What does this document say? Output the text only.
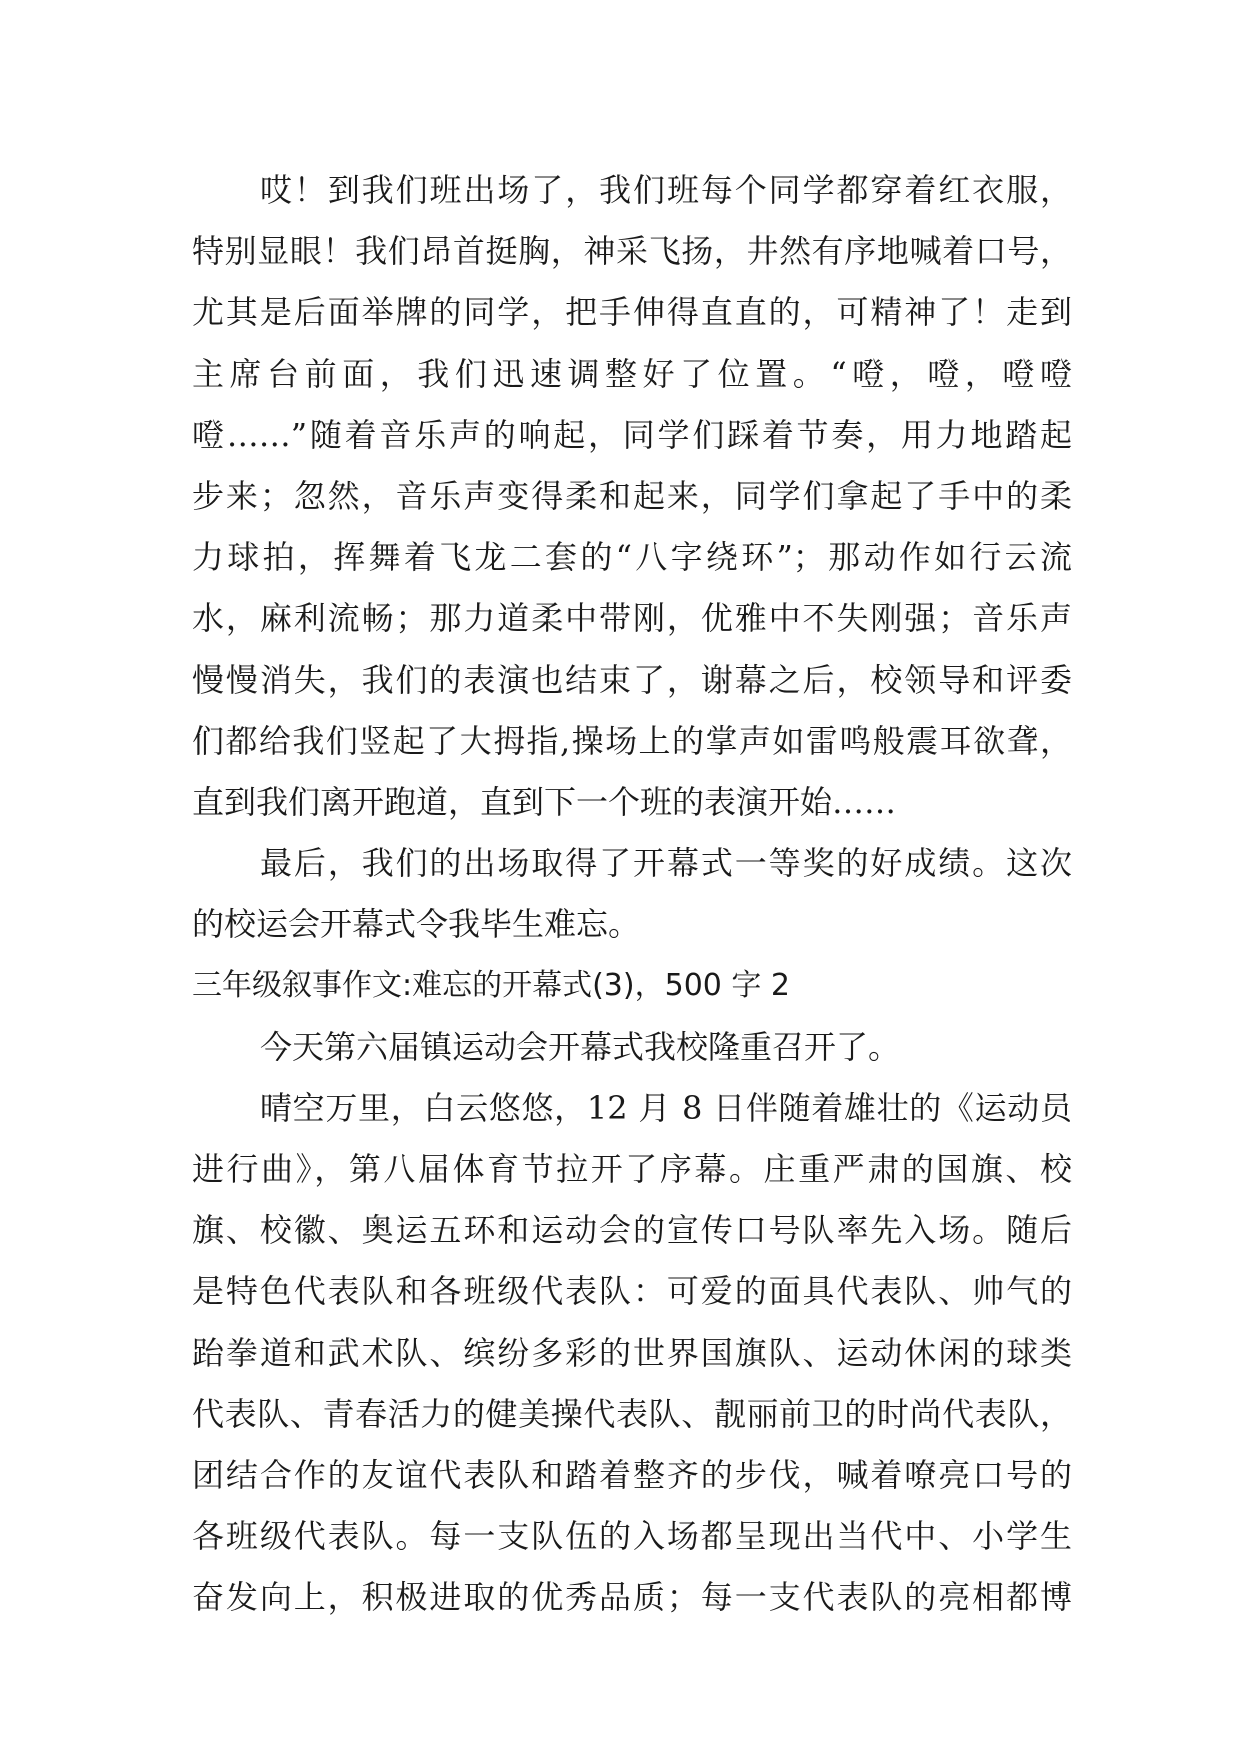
哎！到我们班出场了，我们班每个同学都穿着红衣服，
特别显眼！我们昂首挺胸，神采飞扬，井然有序地喊着口号，
尤其是后面举牌的同学，把手伸得直直的，可精神了！走到
主席台前面，我们迅速调整好了位置。“噔，噔，噔噔
噔……”随着音乐声的响起，同学们踩着节奏，用力地踏起
步来；忽然，音乐声变得柔和起来，同学们拿起了手中的柔
力球拍，挥舞着飞龙二套的“八字绕环”；那动作如行云流
水，麻利流畅；那力道柔中带刚，优雅中不失刚强；音乐声
慢慢消失，我们的表演也结束了，谢幕之后，校领导和评委
们都给我们竖起了大拇指,操场上的掌声如雷鸣般震耳欲聋，
直到我们离开跑道，直到下一个班的表演开始……
最后，我们的出场取得了开幕式一等奖的好成绩。这次
的校运会开幕式令我毕生难忘。
三年级叙事作文:难忘的开幕式(3)，500 字 2
今天第六届镇运动会开幕式我校隆重召开了。
晴空万里，白云悠悠，12 月 8 日伴随着雄壮的《运动员
进行曲》，第八届体育节拉开了序幕。庄重严肃的国旗、校
旗、校徽、奥运五环和运动会的宣传口号队率先入场。随后
是特色代表队和各班级代表队：可爱的面具代表队、帅气的
跆拳道和武术队、缤纷多彩的世界国旗队、运动休闲的球类
代表队、青春活力的健美操代表队、靓丽前卫的时尚代表队，
团结合作的友谊代表队和踏着整齐的步伐，喊着嘹亮口号的
各班级代表队。每一支队伍的入场都呈现出当代中、小学生
奋发向上，积极进取的优秀品质；每一支代表队的亮相都博
